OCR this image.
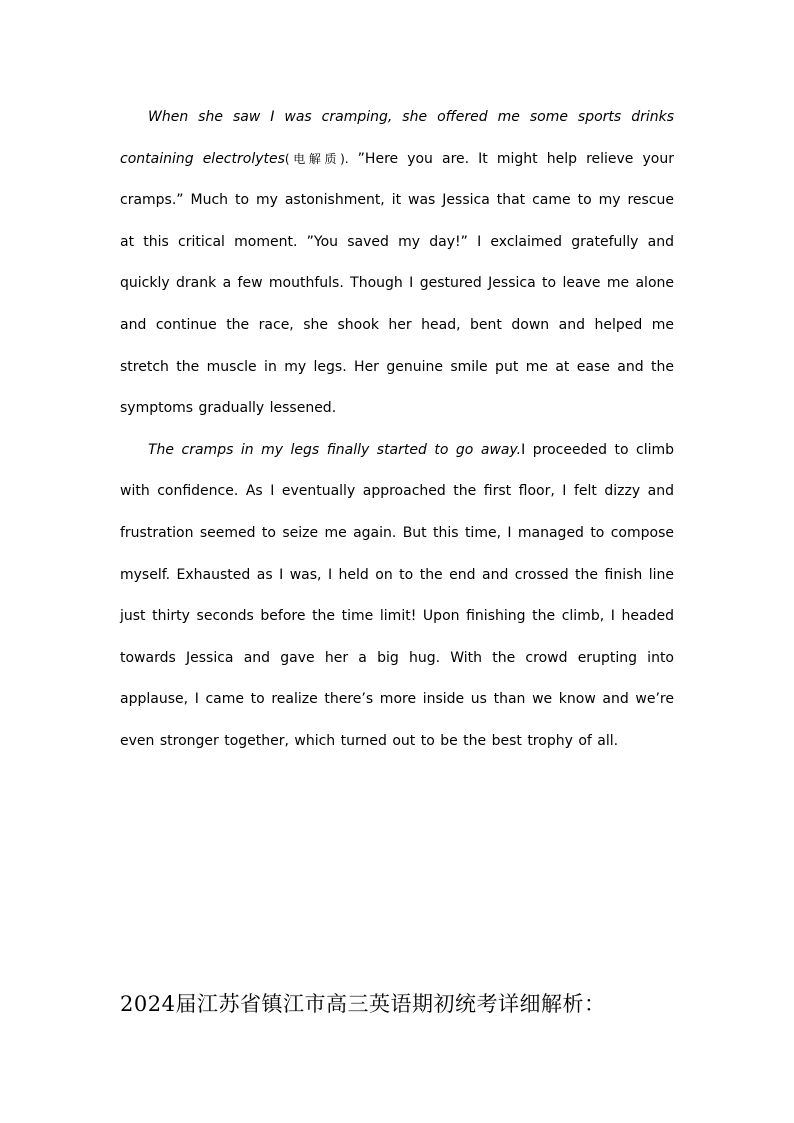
When she saw I was cramping, she offered me some sports drinks containing electrolytes(电解质). ”Here you are. It might help relieve your cramps.” Much to my astonishment, it was Jessica that came to my rescue at this critical moment. ”You saved my day!” I exclaimed gratefully and quickly drank a few mouthfuls. Though I gestured Jessica to leave me alone and continue the race, she shook her head, bent down and helped me stretch the muscle in my legs. Her genuine smile put me at ease and the symptoms gradually lessened.

The cramps in my legs finally started to go away.I proceeded to climb with confidence. As I eventually approached the first floor, I felt dizzy and frustration seemed to seize me again. But this time, I managed to compose myself. Exhausted as I was, I held on to the end and crossed the finish line just thirty seconds before the time limit! Upon finishing the climb, I headed towards Jessica and gave her a big hug. With the crowd erupting into applause, I came to realize there’s more inside us than we know and we’re even stronger together, which turned out to be the best trophy of all.

2024届江苏省镇江市高三英语期初统考详细解析：
